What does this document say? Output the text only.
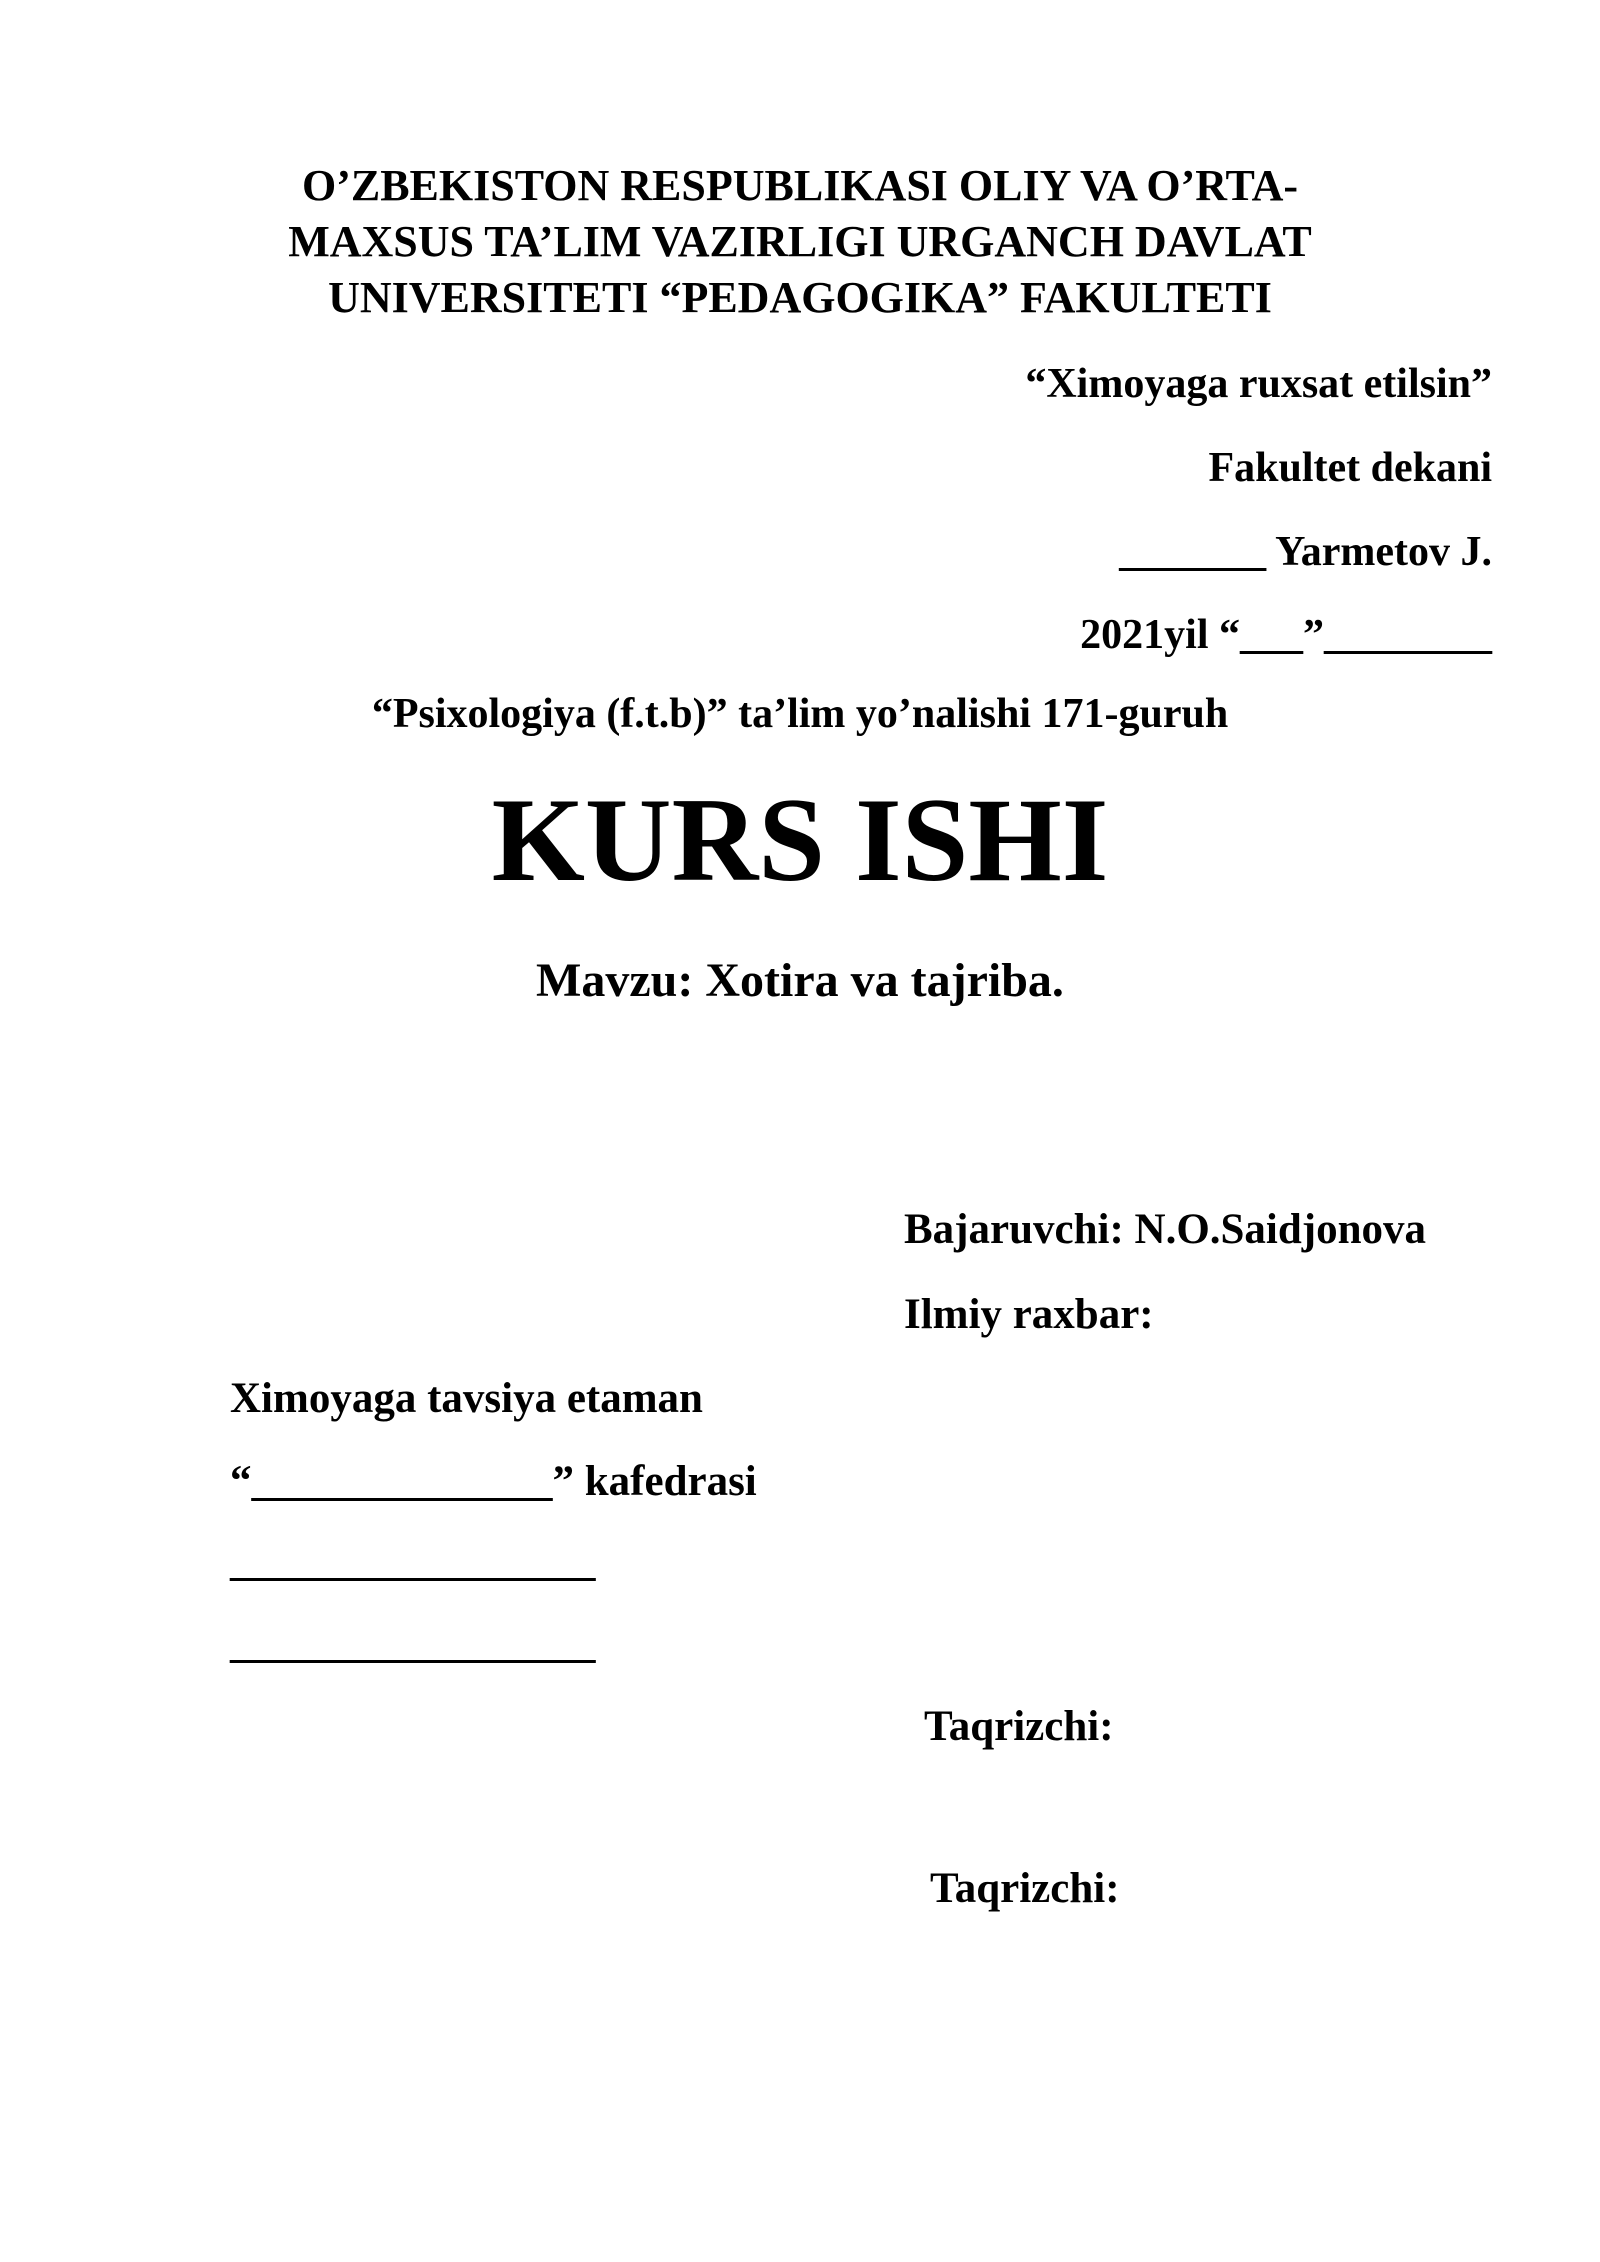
O’ZBEKISTON RESPUBLIKASI OLIY VA O’RTA-
MAXSUS TA’LIM VAZIRLIGI URGANCH DAVLAT
UNIVERSITETI “PEDAGOGIKA” FAKULTETI
“Ximoyaga ruxsat etilsin”
Fakultet dekani
_______ Yarmetov J.
2021yil “___”________
“Psixologiya (f.t.b)” ta’lim yo’nalishi 171-guruh
KURS ISHI
Mavzu: Xotira va tajriba.
Bajaruvchi: N.O.Saidjonova
Ilmiy raxbar:
Ximoyaga tavsiya etaman
“______________” kafedrasi
_________________
_________________
Taqrizchi:
Taqrizchi:
